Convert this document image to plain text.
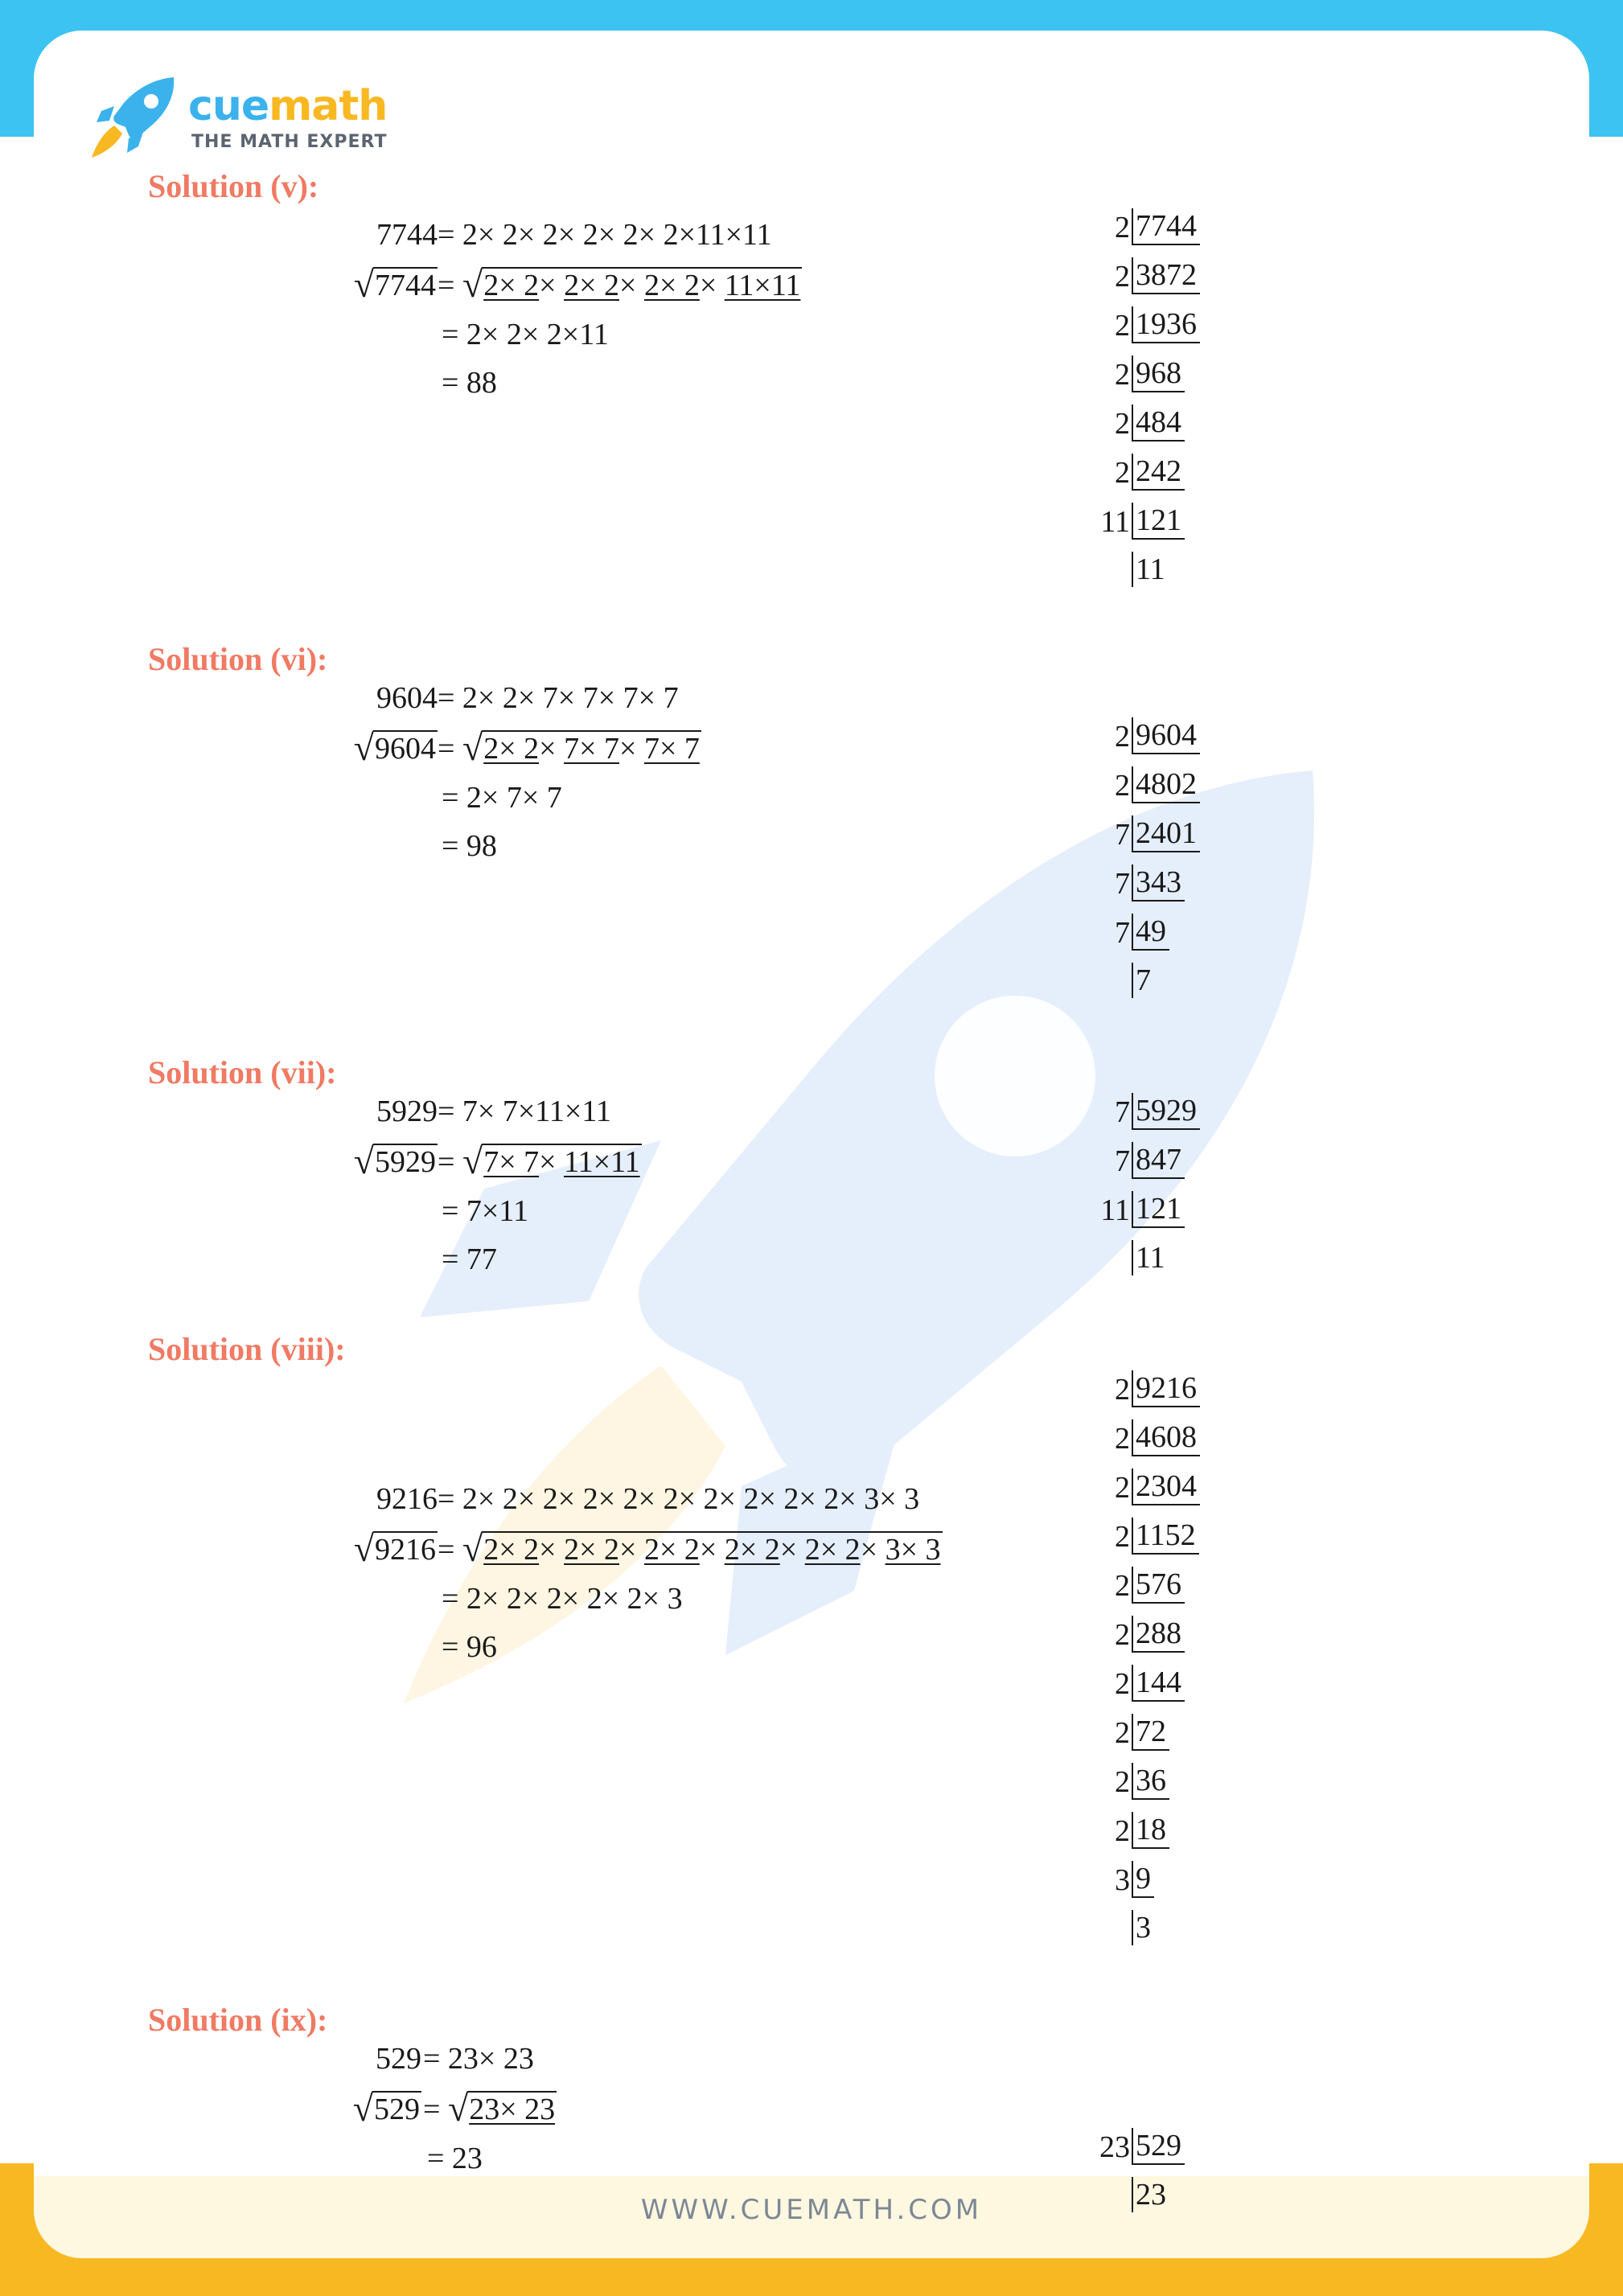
WWW.CUEMATH.COM
cuemath
THE MATH EXPERT
Solution (v):
7744 = 2× 2× 2× 2× 2× 2×11×11
√7744 = √2× 2× 2× 2× 2× 2× 11×11
= 2× 2× 2×11
= 88
2 7744
2 3872
2 1936
2 968
2 484
2 242
11 121
11
Solution (vi):
9604 = 2× 2× 7× 7× 7× 7
√9604 = √2× 2× 7× 7× 7× 7
= 2× 7× 7
= 98
2 9604
2 4802
7 2401
7 343
7 49
7
Solution (vii):
5929 = 7× 7×11×11
√5929 = √7× 7× 11×11
= 7×11
= 77
7 5929
7 847
11 121
11
Solution (viii):
9216 = 2× 2× 2× 2× 2× 2× 2× 2× 2× 2× 3× 3
√9216 = √2× 2× 2× 2× 2× 2× 2× 2× 2× 2× 3× 3
= 2× 2× 2× 2× 2× 3
= 96
2 9216
2 4608
2 2304
2 1152
2 576
2 288
2 144
2 72
2 36
2 18
3 9
3
Solution (ix):
529 = 23× 23
√529 = √23× 23
= 23	23 529
23
